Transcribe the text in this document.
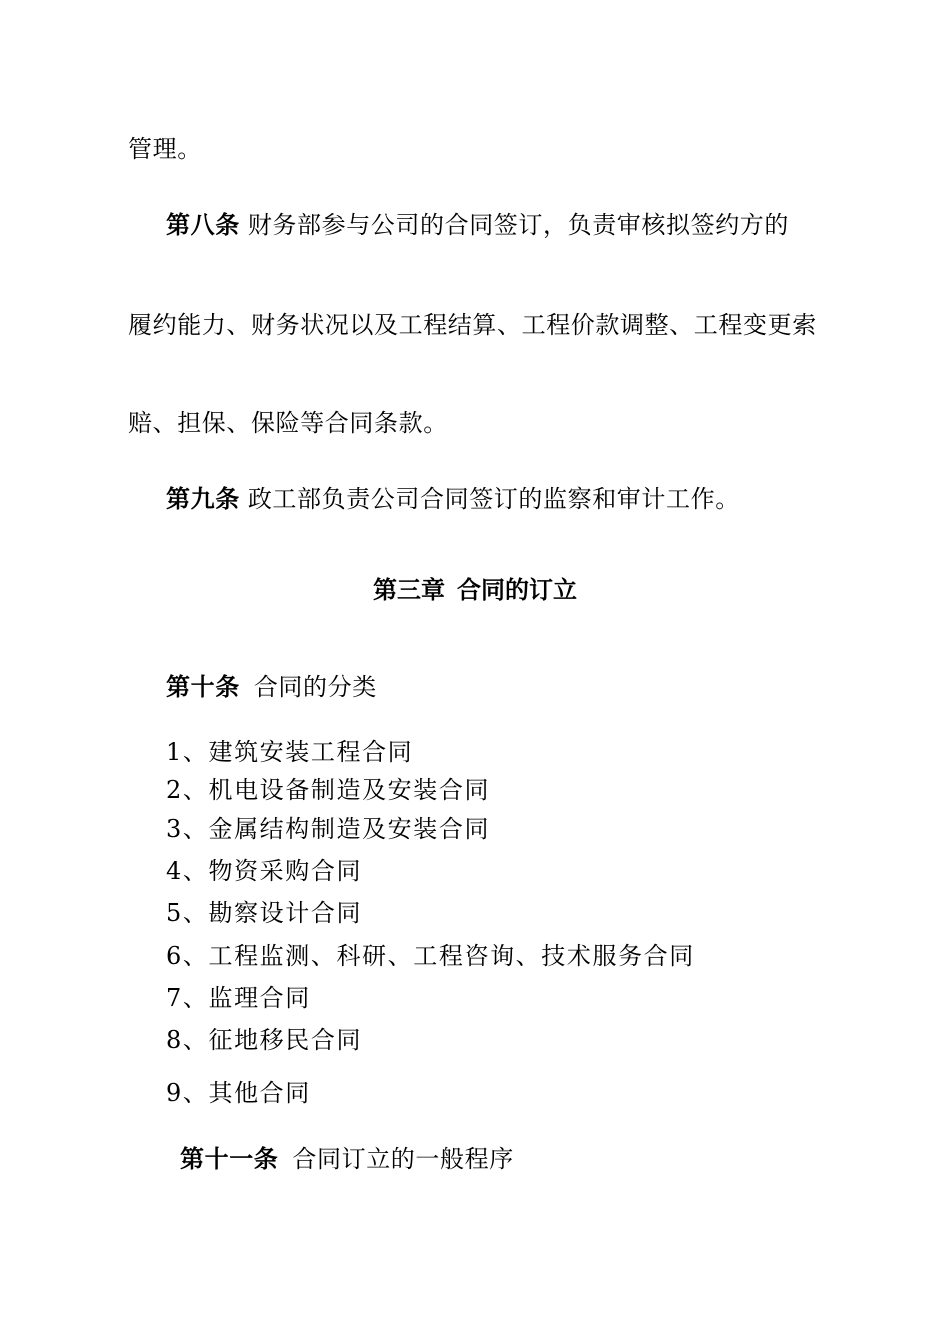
管理。
第八条 财务部参与公司的合同签订，负责审核拟签约方的
履约能力、财务状况以及工程结算、工程价款调整、工程变更索
赔、担保、保险等合同条款。
第九条 政工部负责公司合同签订的监察和审计工作。
第三章 合同的订立
第十条 合同的分类
1、建筑安装工程合同
2、机电设备制造及安装合同
3、金属结构制造及安装合同
4、物资采购合同
5、勘察设计合同
6、工程监测、科研、工程咨询、技术服务合同
7、监理合同
8、征地移民合同
9、其他合同
第十一条 合同订立的一般程序
